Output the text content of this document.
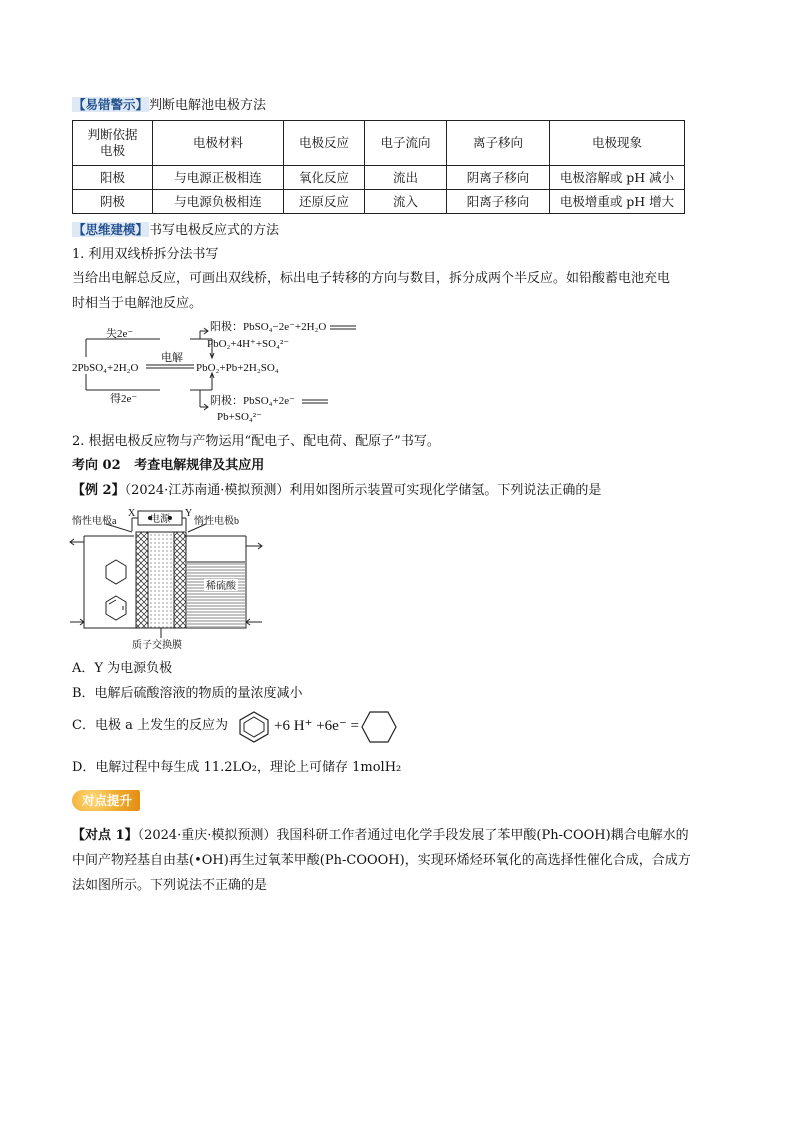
【易错警示】判断电解池电极方法
判断依据
电极	电极材料	电极反应	电子流向	离子移向	电极现象
阳极	与电源正极相连	氧化反应	流出	阴离子移向	电极溶解或 pH 减小
阴极	与电源负极相连	还原反应	流入	阳离子移向	电极增重或 pH 增大
【思维建模】书写电极反应式的方法
1. 利用双线桥拆分法书写
当给出电解总反应，可画出双线桥，标出电子转移的方向与数目，拆分成两个半反应。如铅酸蓄电池充电
时相当于电解池反应。
失2e⁻
得2e⁻
电解
阳极：PbSO₄−2e⁻+2H₂O
PbO₂+4H⁺+SO₄²⁻
2PbSO₄+2H₂O	PbO₂+Pb+2H₂SO₄
阴极：PbSO₄+2e⁻
Pb+SO₄²⁻
2. 根据电极反应物与产物运用“配电子、配电荷、配原子”书写。
考向 02 考查电解规律及其应用
【例 2】（2024·江苏南通·模拟预测）利用如图所示装置可实现化学储氢。下列说法正确的是
惰性电极a
X
电源
Y
惰性电极b
稀硫酸
质子交换膜
A．Y 为电源负极
B．电解后硫酸溶液的物质的量浓度减小
C．电极 a 上发生的反应为	+6 H⁺ +6e⁻ =
D．电解过程中每生成 11.2LO₂，理论上可储存 1molH₂
对点提升
【对点 1】（2024·重庆·模拟预测）我国科研工作者通过电化学手段发展了苯甲酸(Ph-COOH)耦合电解水的
中间产物羟基自由基(•OH)再生过氧苯甲酸(Ph-COOOH)，实现环烯烃环氧化的高选择性催化合成，合成方
法如图所示。下列说法不正确的是
